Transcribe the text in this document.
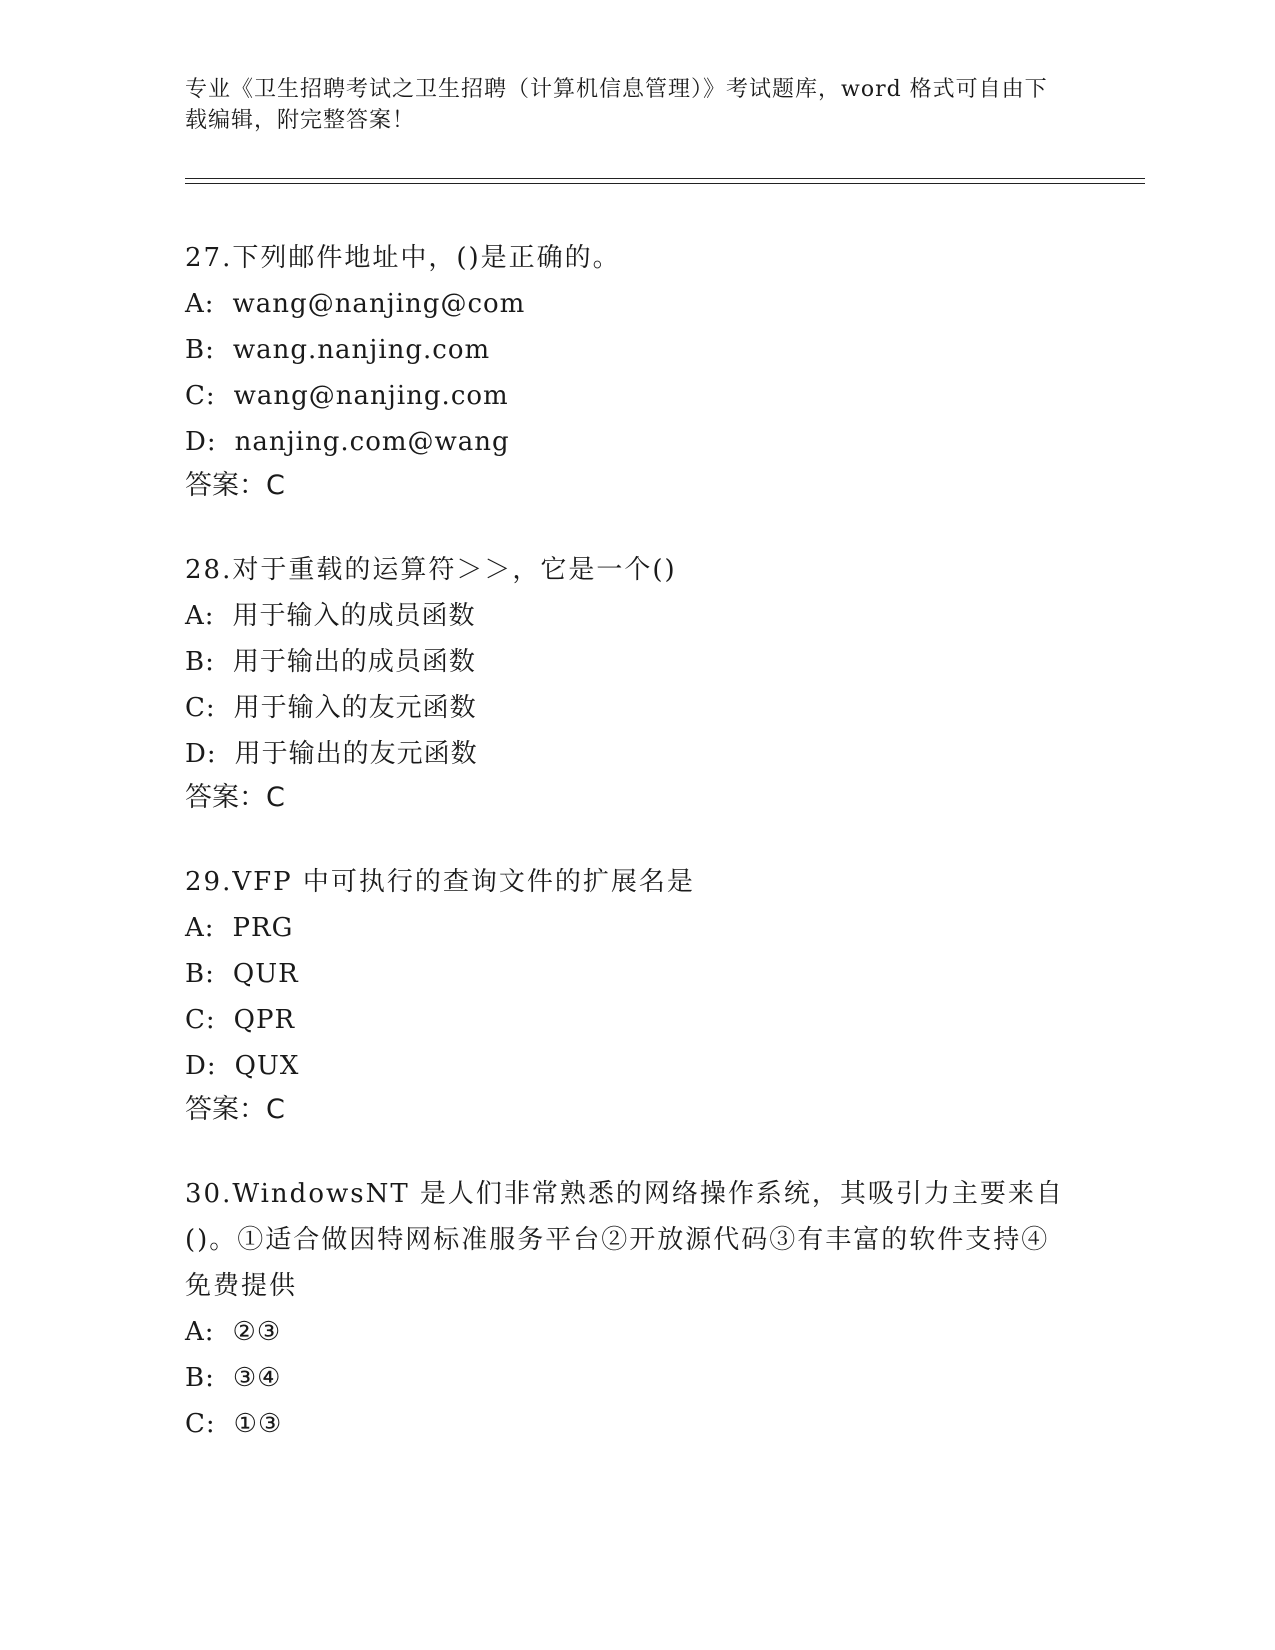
专业《卫生招聘考试之卫生招聘（计算机信息管理）》考试题库，word 格式可自由下载编辑，附完整答案！
27.下列邮件地址中，()是正确的。
A: wang@nanjing@com
B: wang.nanjing.com
C: wang@nanjing.com
D: nanjing.com@wang
答案：C
28.对于重载的运算符＞＞，它是一个()
A: 用于输入的成员函数
B: 用于输出的成员函数
C: 用于输入的友元函数
D: 用于输出的友元函数
答案：C
29.VFP 中可执行的查询文件的扩展名是
A: PRG
B: QUR
C: QPR
D: QUX
答案：C
30.WindowsNT 是人们非常熟悉的网络操作系统，其吸引力主要来自()。①适合做因特网标准服务平台②开放源代码③有丰富的软件支持④免费提供
A: ②③
B: ③④
C: ①③
